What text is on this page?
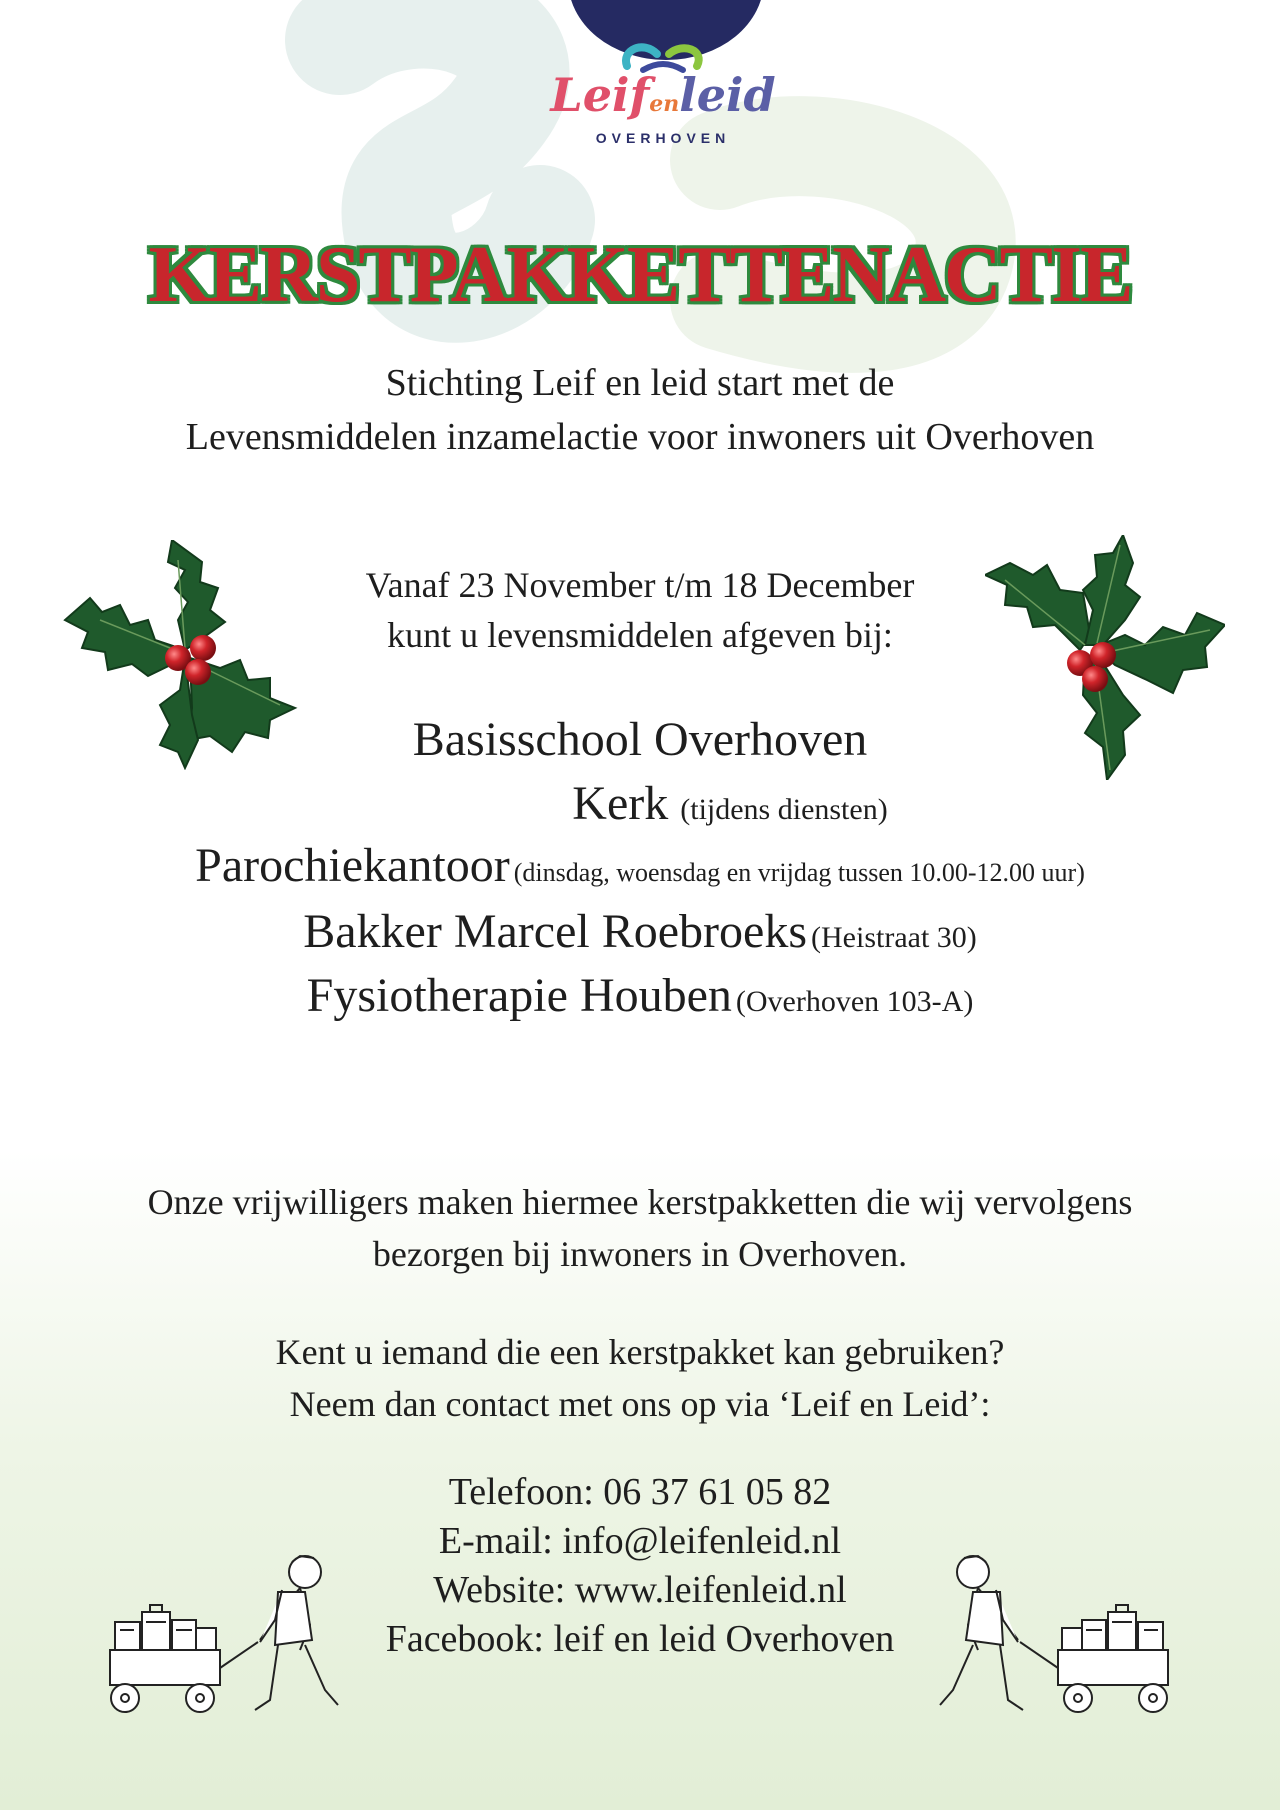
Leifenleid
OVERHOVEN
KERSTPAKKETTENACTIE
Stichting Leif en leid start met de
Levensmiddelen inzamelactie voor inwoners uit Overhoven
Vanaf 23 November t/m 18 December
kunt u levensmiddelen afgeven bij:
Basisschool Overhoven
Kerk (tijdens diensten)
Parochiekantoor (dinsdag, woensdag en vrijdag tussen 10.00-12.00 uur)
Bakker Marcel Roebroeks (Heistraat 30)
Fysiotherapie Houben (Overhoven 103-A)
Onze vrijwilligers maken hiermee kerstpakketten die wij vervolgens
bezorgen bij inwoners in Overhoven.
Kent u iemand die een kerstpakket kan gebruiken?
Neem dan contact met ons op via ‘Leif en Leid’:
Telefoon: 06 37 61 05 82
E-mail: info@leifenleid.nl
Website: www.leifenleid.nl
Facebook: leif en leid Overhoven
